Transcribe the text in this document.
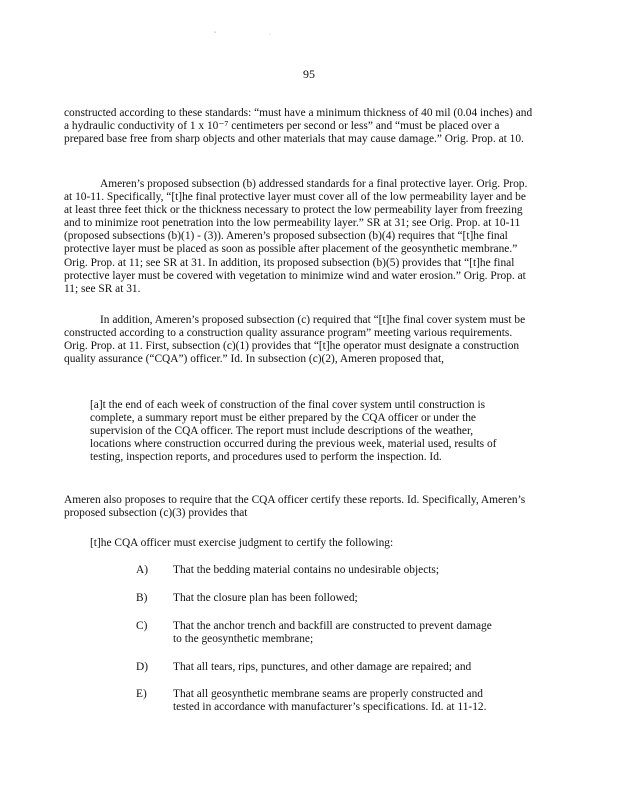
˘	·
95

constructed according to these standards: “must have a minimum thickness of 40 mil (0.04 inches) and a hydraulic conductivity of 1 x 10⁻⁷ centimeters per second or less” and “must be placed over a prepared base free from sharp objects and other materials that may cause damage.” Orig. Prop. at 10.

Ameren’s proposed subsection (b) addressed standards for a final protective layer. Orig. Prop. at 10-11. Specifically, “[t]he final protective layer must cover all of the low permeability layer and be at least three feet thick or the thickness necessary to protect the low permeability layer from freezing and to minimize root penetration into the low permeability layer.” SR at 31; see Orig. Prop. at 10-11 (proposed subsections (b)(1) - (3)). Ameren’s proposed subsection (b)(4) requires that “[t]he final protective layer must be placed as soon as possible after placement of the geosynthetic membrane.” Orig. Prop. at 11; see SR at 31. In addition, its proposed subsection (b)(5) provides that “[t]he final protective layer must be covered with vegetation to minimize wind and water erosion.” Orig. Prop. at 11; see SR at 31.

In addition, Ameren’s proposed subsection (c) required that “[t]he final cover system must be constructed according to a construction quality assurance program” meeting various requirements. Orig. Prop. at 11. First, subsection (c)(1) provides that “[t]he operator must designate a construction quality assurance (“CQA”) officer.” Id. In subsection (c)(2), Ameren proposed that,

[a]t the end of each week of construction of the final cover system until construction is complete, a summary report must be either prepared by the CQA officer or under the supervision of the CQA officer. The report must include descriptions of the weather, locations where construction occurred during the previous week, material used, results of testing, inspection reports, and procedures used to perform the inspection. Id.

Ameren also proposes to require that the CQA officer certify these reports. Id. Specifically, Ameren’s proposed subsection (c)(3) provides that

[t]he CQA officer must exercise judgment to certify the following:

A)	That the bedding material contains no undesirable objects;
B)	That the closure plan has been followed;
C)	That the anchor trench and backfill are constructed to prevent damage to the geosynthetic membrane;
D)	That all tears, rips, punctures, and other damage are repaired; and
E)	That all geosynthetic membrane seams are properly constructed and tested in accordance with manufacturer’s specifications. Id. at 11-12.
